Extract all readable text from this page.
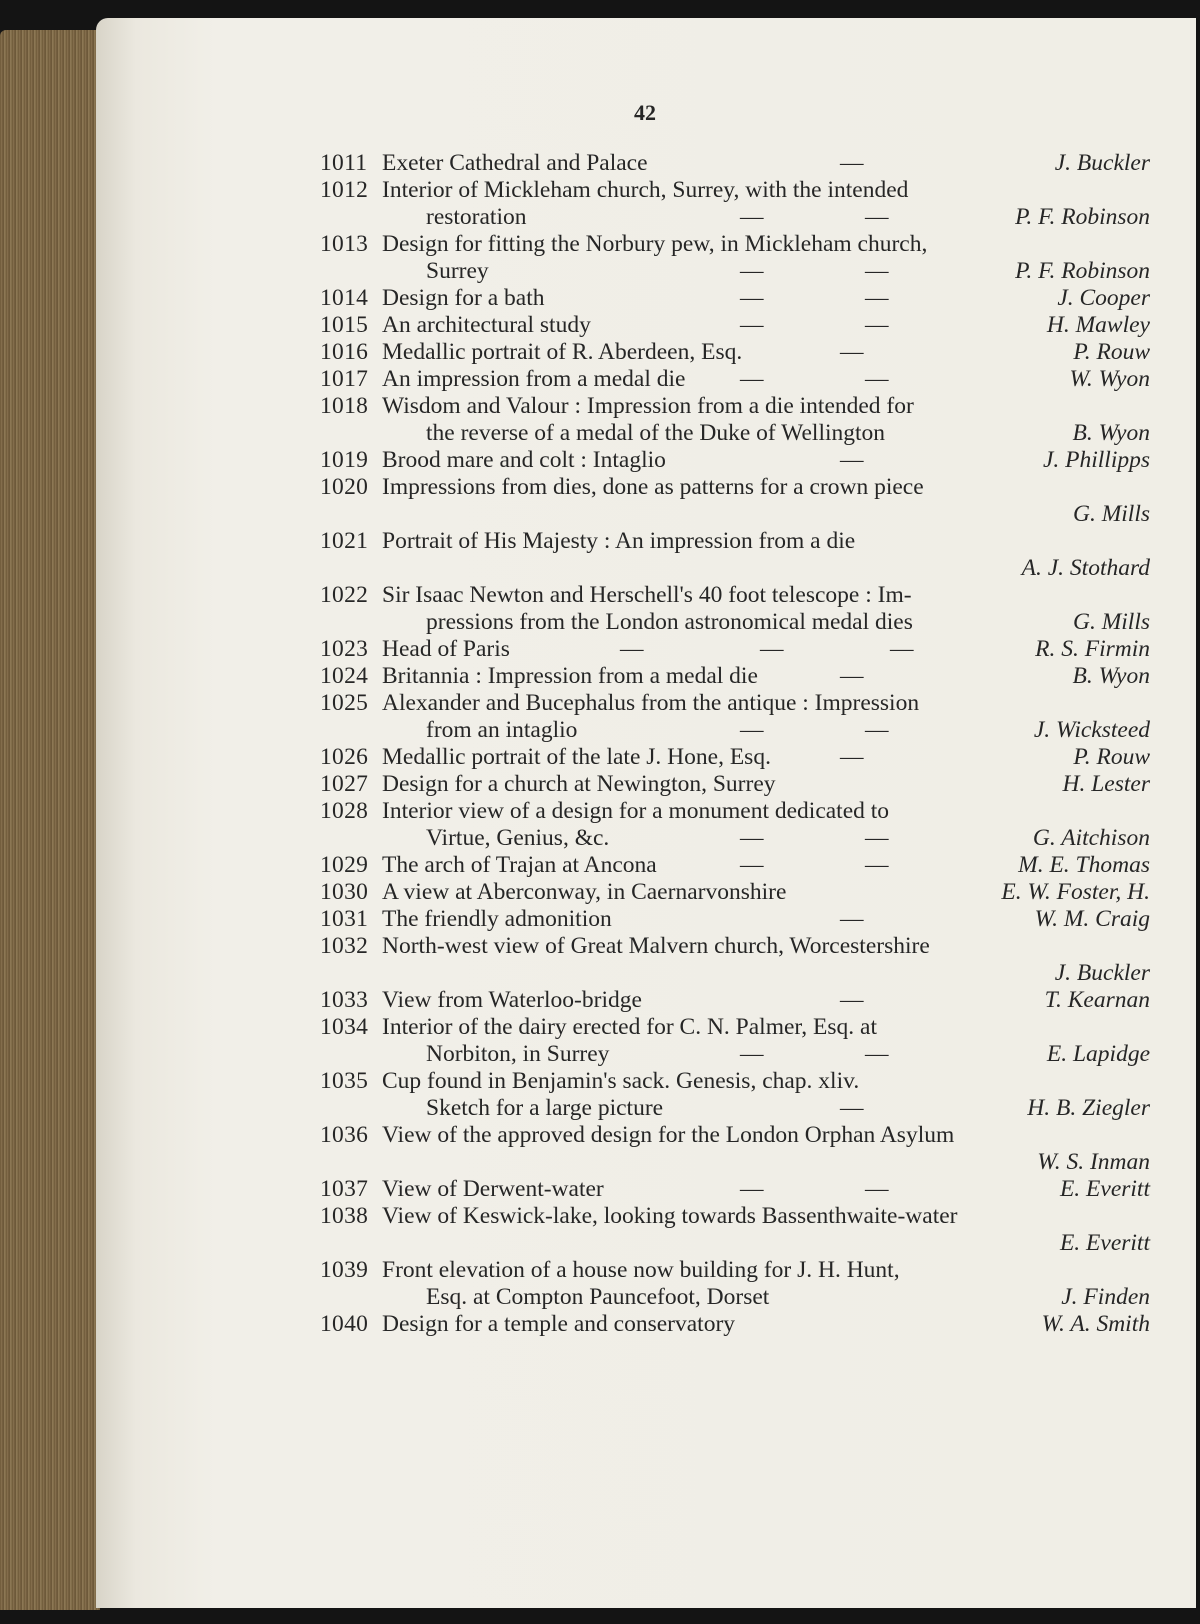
42
1011 Exeter Cathedral and Palace	—	J. Buckler
1012 Interior of Mickleham church, Surrey, with the intended
restoration	—	—	P. F. Robinson
1013 Design for fitting the Norbury pew, in Mickleham church,
Surrey	—	—	P. F. Robinson
1014 Design for a bath	—	—	J. Cooper
1015 An architectural study	—	—	H. Mawley
1016 Medallic portrait of R. Aberdeen, Esq.	—	P. Rouw
1017 An impression from a medal die	—	—	W. Wyon
1018 Wisdom and Valour : Impression from a die intended for
the reverse of a medal of the Duke of Wellington	B. Wyon
1019 Brood mare and colt : Intaglio	—	J. Phillipps
1020 Impressions from dies, done as patterns for a crown piece
G. Mills
1021 Portrait of His Majesty : An impression from a die
A. J. Stothard
1022 Sir Isaac Newton and Herschell's 40 foot telescope : Im-
pressions from the London astronomical medal dies	G. Mills
1023 Head of Paris	—	—	—	R. S. Firmin
1024 Britannia : Impression from a medal die	—	B. Wyon
1025 Alexander and Bucephalus from the antique : Impression
from an intaglio	—	—	J. Wicksteed
1026 Medallic portrait of the late J. Hone, Esq.	—	P. Rouw
1027 Design for a church at Newington, Surrey	H. Lester
1028 Interior view of a design for a monument dedicated to
Virtue, Genius, &c.	—	—	G. Aitchison
1029 The arch of Trajan at Ancona	—	—	M. E. Thomas
1030 A view at Aberconway, in Caernarvonshire	E. W. Foster, H.
1031 The friendly admonition	—	W. M. Craig
1032 North-west view of Great Malvern church, Worcestershire
J. Buckler
1033 View from Waterloo-bridge	—	T. Kearnan
1034 Interior of the dairy erected for C. N. Palmer, Esq. at
Norbiton, in Surrey	—	—	E. Lapidge
1035 Cup found in Benjamin's sack. Genesis, chap. xliv.
Sketch for a large picture	—	H. B. Ziegler
1036 View of the approved design for the London Orphan Asylum
W. S. Inman
1037 View of Derwent-water	—	—	E. Everitt
1038 View of Keswick-lake, looking towards Bassenthwaite-water
E. Everitt
1039 Front elevation of a house now building for J. H. Hunt,
Esq. at Compton Pauncefoot, Dorset	J. Finden
1040 Design for a temple and conservatory	W. A. Smith
